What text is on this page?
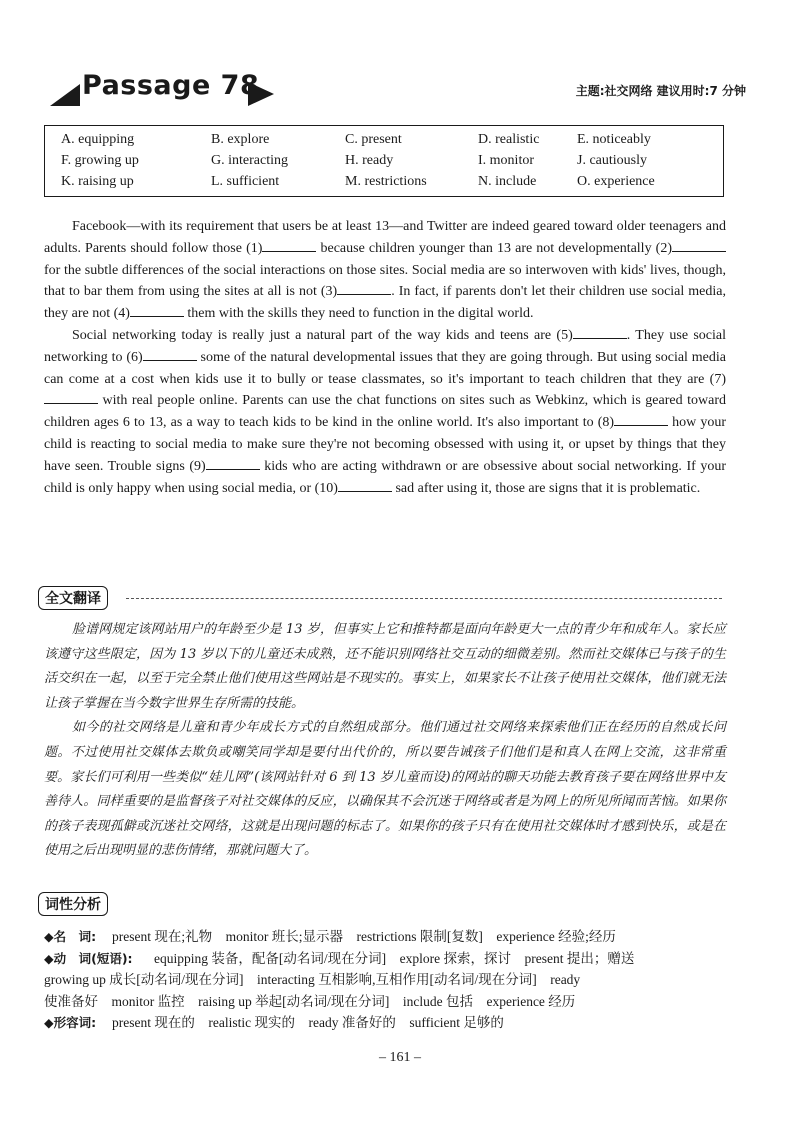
Passage 78	主题:社交网络 建议用时:7 分钟
A. equipping	B. explore	C. present	D. realistic	E. noticeably
F. growing up	G. interacting	H. ready	I. monitor	J. cautiously
K. raising up	L. sufficient	M. restrictions	N. include	O. experience

Facebook—with its requirement that users be at least 13—and Twitter are indeed geared toward older teenagers and adults. Parents should follow those (1)	because children younger than 13 are not developmentally (2) for the subtle differences of the social interactions on those sites. Social media are so interwoven with kids' lives, though, that to bar them from using the sites at all is not (3)	. In fact, if parents don't let their children use social media, they are not (4)	them with the skills they need to function in the digital world.

Social networking today is really just a natural part of the way kids and teens are (5)	. They use social networking to (6)	some of the natural developmental issues that they are going through. But using social media can come at a cost when kids use it to bully or tease classmates, so it's important to teach children that they are (7) with real people online. Parents can use the chat functions on sites such as Webkinz, which is geared toward children ages 6 to 13, as a way to teach kids to be kind in the online world. It's also important to (8)	how your child is reacting to social media to make sure they're not becoming obsessed with using it, or upset by things that they have seen. Trouble signs (9)	kids who are acting withdrawn or are obsessive about social networking. If your child is only happy when using social media, or (10)	sad after using it, those are signs that it is problematic.

全文翻译

脸谱网规定该网站用户的年龄至少是 13 岁，但事实上它和推特都是面向年龄更大一点的青少年和成年人。家长应该遵守这些限定，因为 13 岁以下的儿童还未成熟，还不能识别网络社交互动的细微差别。然而社交媒体已与孩子的生活交织在一起，以至于完全禁止他们使用这些网站是不现实的。事实上，如果家长不让孩子使用社交媒体，他们就无法让孩子掌握在当今数字世界生存所需的技能。

如今的社交网络是儿童和青少年成长方式的自然组成部分。他们通过社交网络来探索他们正在经历的自然成长问题。不过使用社交媒体去欺负或嘲笑同学却是要付出代价的，所以要告诫孩子们他们是和真人在网上交流，这非常重要。家长们可利用一些类似“娃儿网”(该网站针对 6 到 13 岁儿童而设)的网站的聊天功能去教育孩子要在网络世界中友善待人。同样重要的是监督孩子对社交媒体的反应，以确保其不会沉迷于网络或者是为网上的所见所闻而苦恼。如果你的孩子表现孤僻或沉迷社交网络，这就是出现问题的标志了。如果你的孩子只有在使用社交媒体时才感到快乐，或是在使用之后出现明显的悲伤情绪，那就问题大了。

词性分析
◆名　词: present 现在;礼物　monitor 班长;显示器　restrictions 限制[复数]　experience 经验;经历
◆动　词(短语): equipping 装备，配备[动名词/现在分词]　explore 探索，探讨　present 提出；赠送
growing up 成长[动名词/现在分词]　interacting 互相影响,互相作用[动名词/现在分词]　ready
使准备好　monitor 监控　raising up 举起[动名词/现在分词]　include 包括　experience 经历
◆形容词: present 现在的　realistic 现实的　ready 准备好的　sufficient 足够的
– 161 –
